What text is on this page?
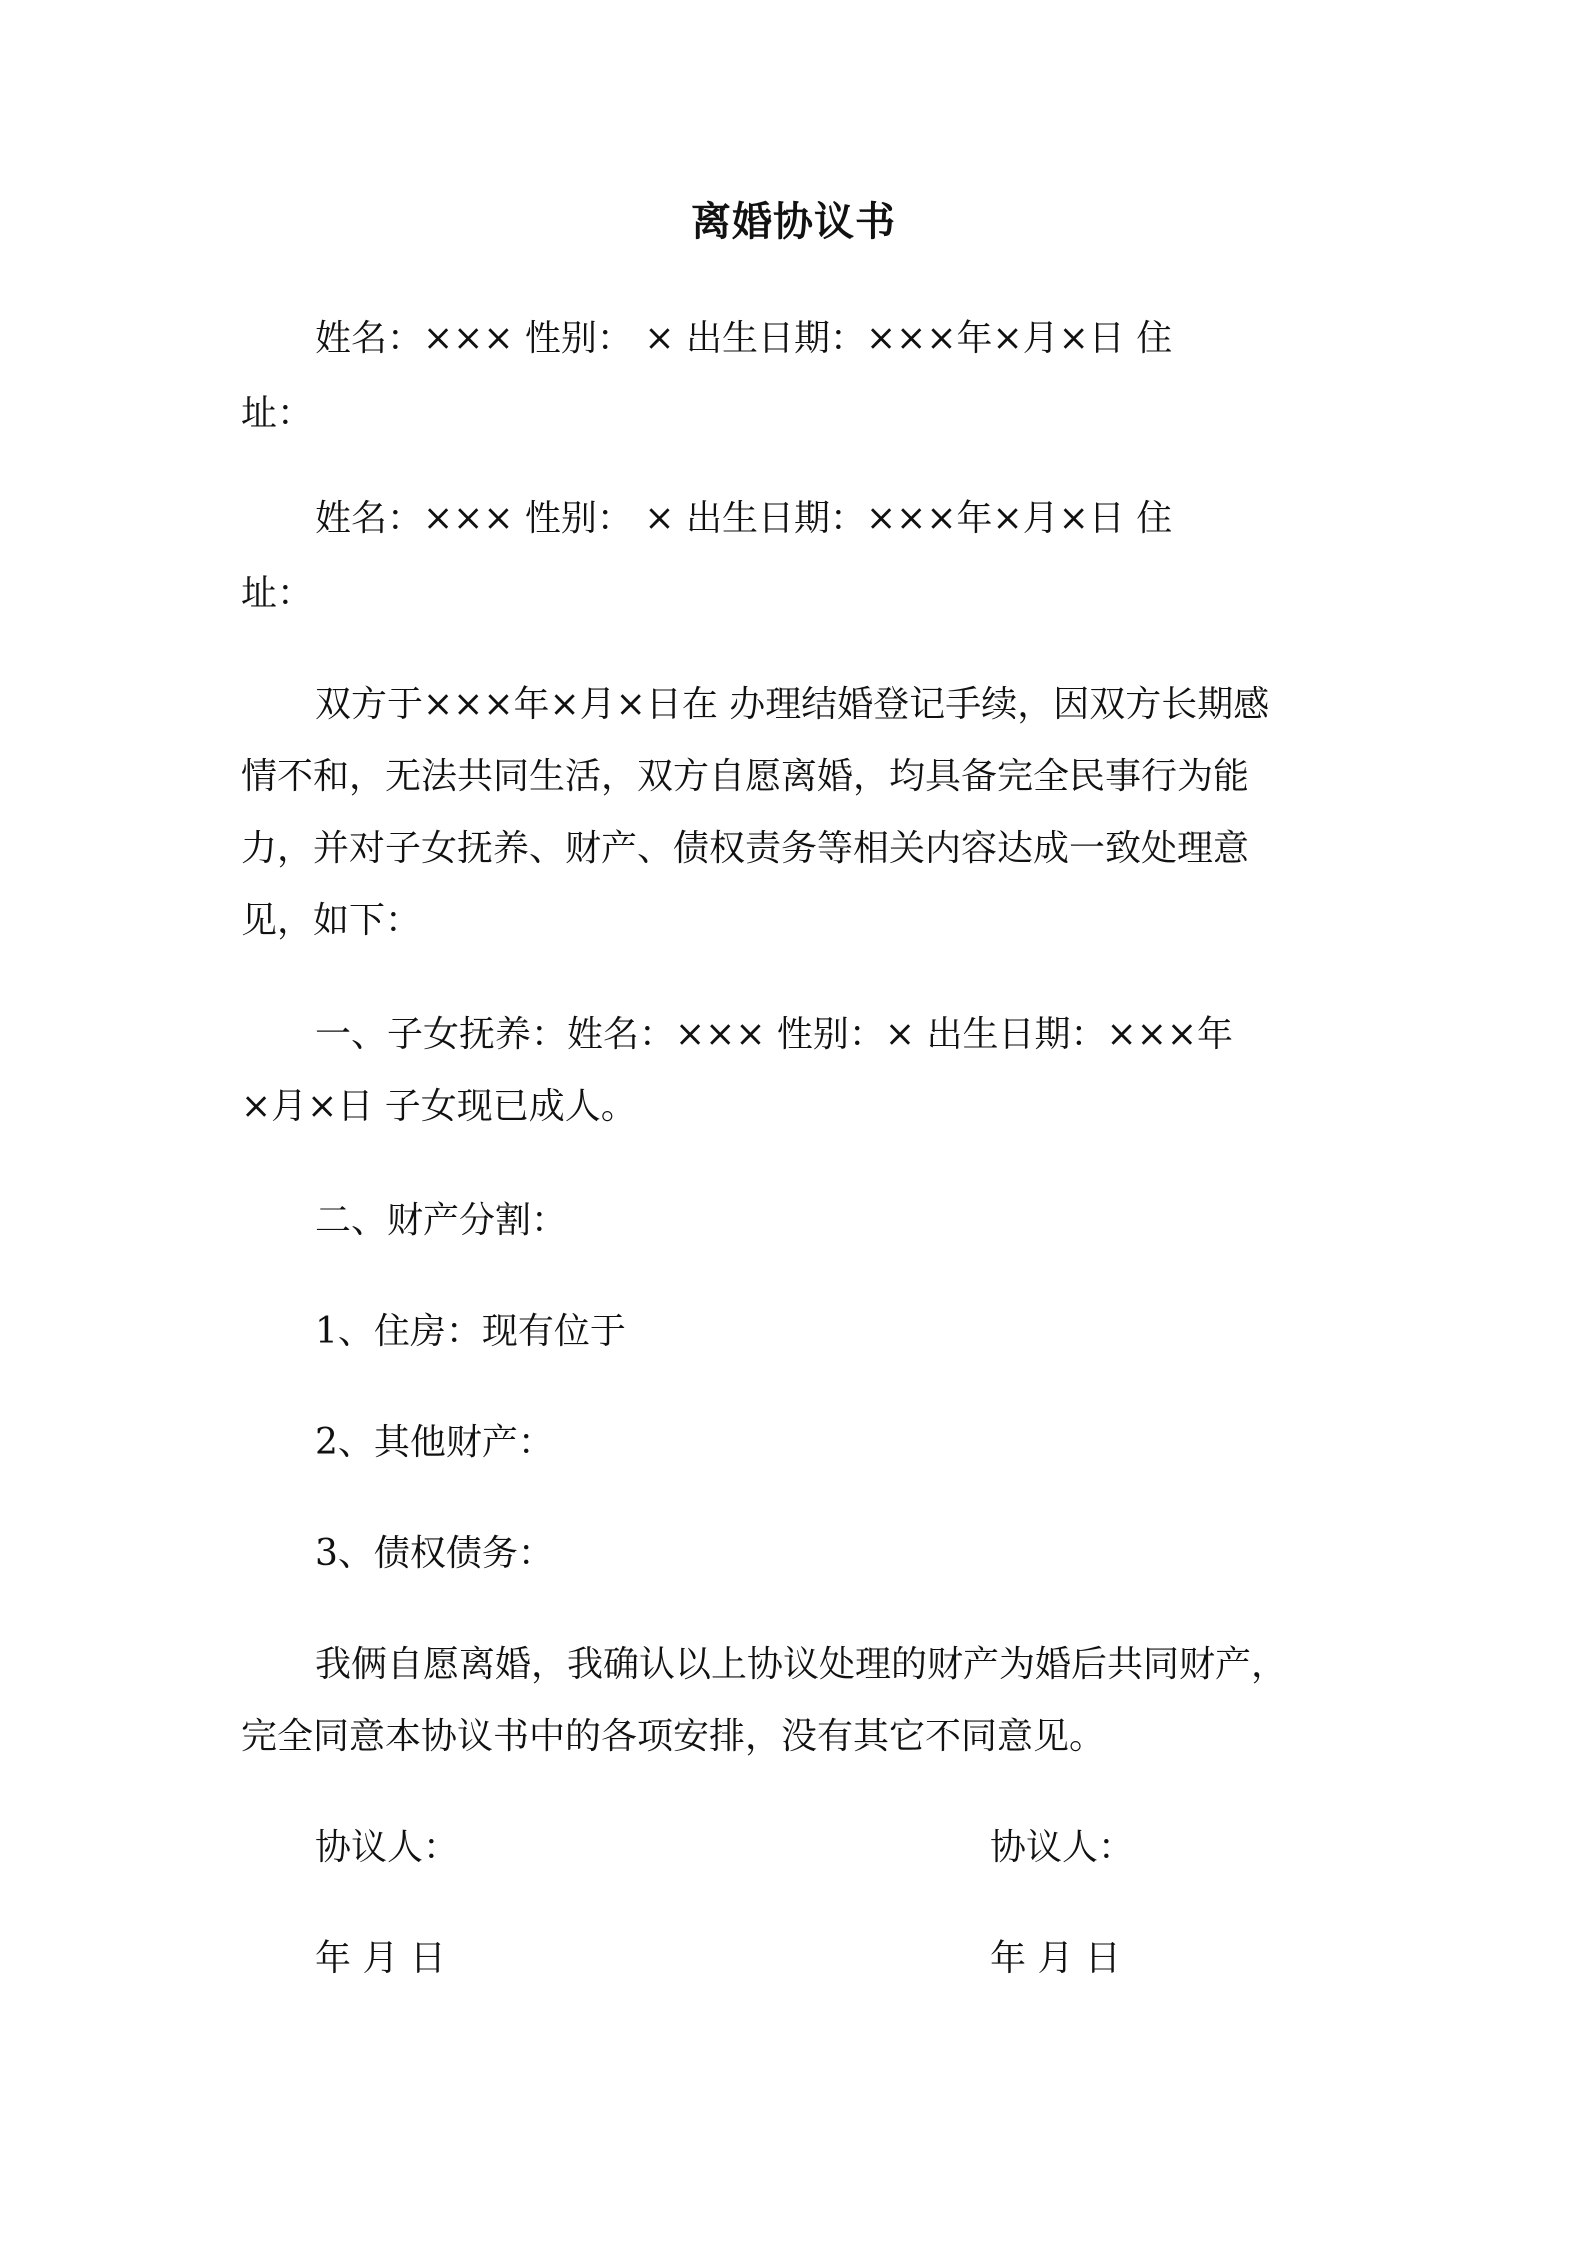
离婚协议书
姓名：××× 性别： × 出生日期：×××年×月×日 住
址：
姓名：××× 性别： × 出生日期：×××年×月×日 住
址：
双方于×××年×月×日在 办理结婚登记手续，因双方长期感
情不和，无法共同生活，双方自愿离婚，均具备完全民事行为能
力，并对子女抚养、财产、债权责务等相关内容达成一致处理意
见，如下：
一、子女抚养：姓名：××× 性别：× 出生日期：×××年
×月×日 子女现已成人。
二、财产分割：
1、住房：现有位于
2、其他财产：
3、债权债务：
我俩自愿离婚，我确认以上协议处理的财产为婚后共同财产，
完全同意本协议书中的各项安排，没有其它不同意见。
协议人：	协议人：
年 月 日	年 月 日
